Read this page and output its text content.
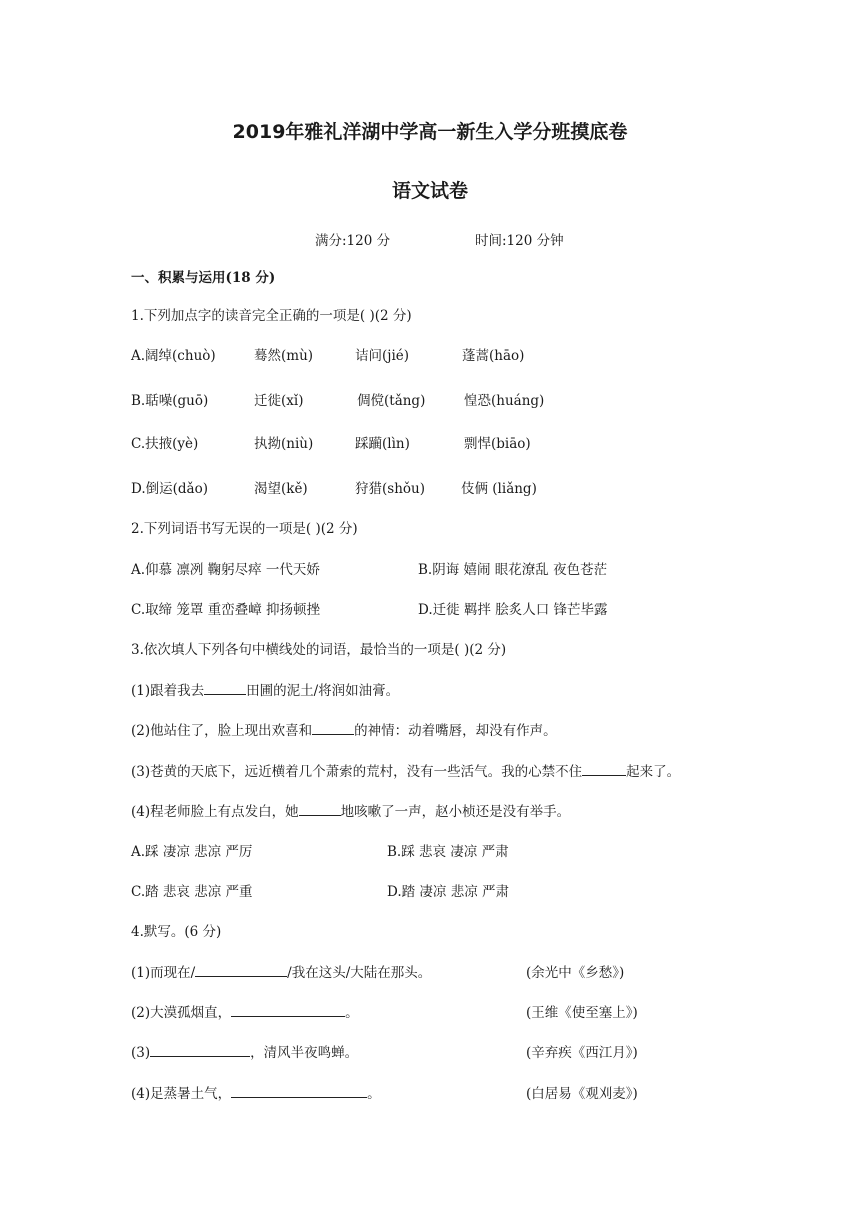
2019年雅礼洋湖中学高一新生入学分班摸底卷
语文试卷
满分:120 分	时间:120 分钟
一、积累与运用(18 分)
1.下列加点字的读音完全正确的一项是( )(2 分)
A.阔绰(chuò)	蓦然(mù)	诘问(jié)	蓬蒿(hāo)
B.聒噪(guō)	迁徙(xǐ)	倜傥(tǎng)	惶恐(huáng)
C.扶掖(yè)	执拗(niù)	踩躏(lìn)	剽悍(biāo)
D.倒运(dǎo)	渴望(kě)	狩猎(shǒu)	伎俩 (liǎng)
2.下列词语书写无误的一项是( )(2 分)
A.仰慕 凛冽 鞠躬尽瘁 一代天娇	B.阴诲 嬉闹 眼花潦乱 夜色苍茫
C.取缔 笼罩 重峦叠嶂 抑扬顿挫	D.迁徙 羁拌 脍炙人口 锋芒毕露
3.依次填人下列各句中横线处的词语，最恰当的一项是( )(2 分)
(1)跟着我去	田圃的泥土/将润如油膏。
(2)他站住了，脸上现出欢喜和	的神情：动着嘴唇，却没有作声。
(3)苍黄的天底下，远近横着几个萧索的荒村，没有一些活气。我的心禁不住	起来了。
(4)程老师脸上有点发白，她	地咳嗽了一声，赵小桢还是没有举手。
A.踩 凄凉 悲凉 严厉	B.踩 悲哀 凄凉 严肃
C.踏 悲哀 悲凉 严重	D.踏 凄凉 悲凉 严肃
4.默写。(6 分)
(1)而现在/	/我在这头/大陆在那头。	(余光中《乡愁》)
(2)大漠孤烟直，	。	(王维《使至塞上》)
(3)	，清风半夜鸣蝉。	(辛弃疾《西江月》)
(4)足蒸暑土气，	。	(白居易《观刈麦》)
